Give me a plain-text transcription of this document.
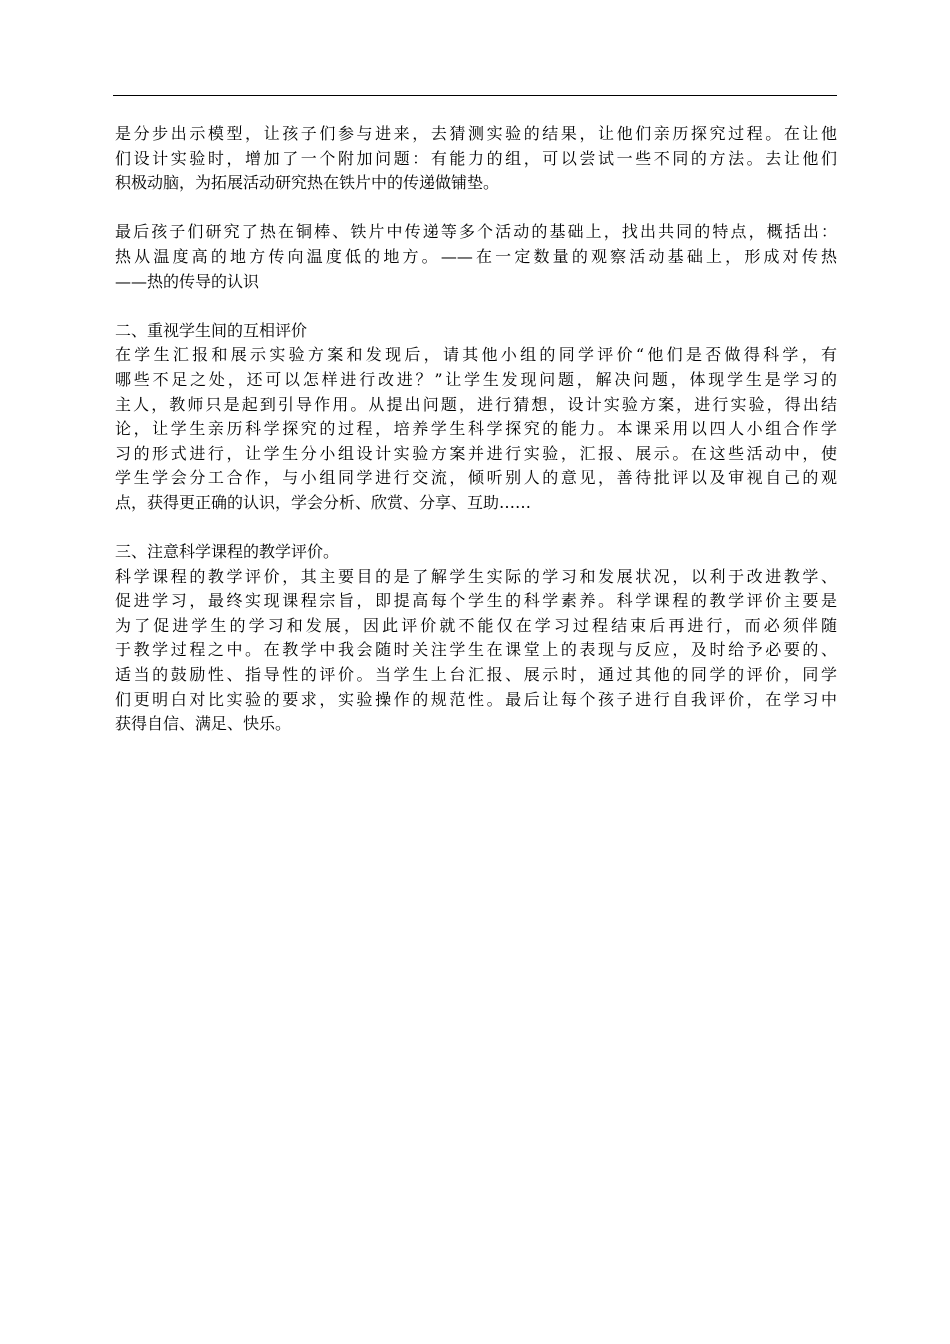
是分步出示模型，让孩子们参与进来，去猜测实验的结果，让他们亲历探究过程。在让他
们设计实验时，增加了一个附加问题：有能力的组，可以尝试一些不同的方法。去让他们
积极动脑，为拓展活动研究热在铁片中的传递做铺垫。
最后孩子们研究了热在铜棒、铁片中传递等多个活动的基础上，找出共同的特点，概括出：
热从温度高的地方传向温度低的地方。——在一定数量的观察活动基础上，形成对传热
——热的传导的认识
二、重视学生间的互相评价
在学生汇报和展示实验方案和发现后，请其他小组的同学评价“他们是否做得科学，有
哪些不足之处，还可以怎样进行改进？”让学生发现问题，解决问题，体现学生是学习的
主人，教师只是起到引导作用。从提出问题，进行猜想，设计实验方案，进行实验，得出结
论，让学生亲历科学探究的过程，培养学生科学探究的能力。本课采用以四人小组合作学
习的形式进行，让学生分小组设计实验方案并进行实验，汇报、展示。在这些活动中，使
学生学会分工合作，与小组同学进行交流，倾听别人的意见，善待批评以及审视自己的观
点，获得更正确的认识，学会分析、欣赏、分享、互助……
三、注意科学课程的教学评价。
科学课程的教学评价，其主要目的是了解学生实际的学习和发展状况，以利于改进教学、
促进学习，最终实现课程宗旨，即提高每个学生的科学素养。科学课程的教学评价主要是
为了促进学生的学习和发展，因此评价就不能仅在学习过程结束后再进行，而必须伴随
于教学过程之中。在教学中我会随时关注学生在课堂上的表现与反应，及时给予必要的、
适当的鼓励性、指导性的评价。当学生上台汇报、展示时，通过其他的同学的评价，同学
们更明白对比实验的要求，实验操作的规范性。最后让每个孩子进行自我评价，在学习中
获得自信、满足、快乐。
